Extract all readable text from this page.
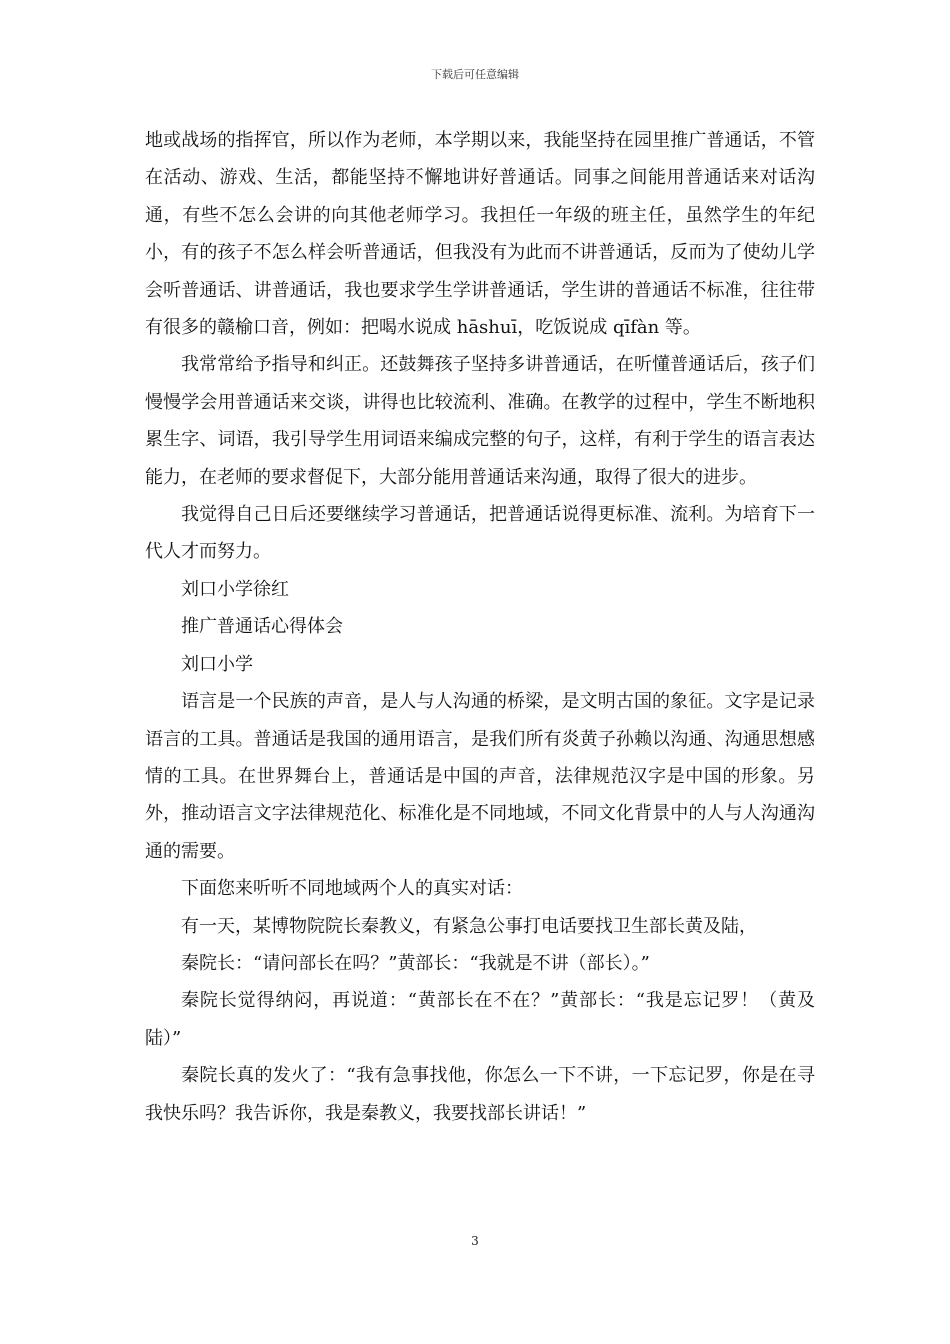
下载后可任意编辑

地或战场的指挥官，所以作为老师，本学期以来，我能坚持在园里推广普通话，不管在活动、游戏、生活，都能坚持不懈地讲好普通话。同事之间能用普通话来对话沟通，有些不怎么会讲的向其他老师学习。我担任一年级的班主任，虽然学生的年纪小，有的孩子不怎么样会听普通话，但我没有为此而不讲普通话，反而为了使幼儿学会听普通话、讲普通话，我也要求学生学讲普通话，学生讲的普通话不标准，往往带有很多的赣榆口音，例如：把喝水说成 hāshuī，吃饭说成 qīfàn 等。

我常常给予指导和纠正。还鼓舞孩子坚持多讲普通话，在听懂普通话后，孩子们慢慢学会用普通话来交谈，讲得也比较流利、准确。在教学的过程中，学生不断地积累生字、词语，我引导学生用词语来编成完整的句子，这样，有利于学生的语言表达能力，在老师的要求督促下，大部分能用普通话来沟通，取得了很大的进步。

我觉得自己日后还要继续学习普通话，把普通话说得更标准、流利。为培育下一代人才而努力。

刘口小学徐红

推广普通话心得体会

刘口小学

语言是一个民族的声音，是人与人沟通的桥梁，是文明古国的象征。文字是记录语言的工具。普通话是我国的通用语言，是我们所有炎黄子孙赖以沟通、沟通思想感情的工具。在世界舞台上，普通话是中国的声音，法律规范汉字是中国的形象。另外，推动语言文字法律规范化、标准化是不同地域，不同文化背景中的人与人沟通沟通的需要。

下面您来听听不同地域两个人的真实对话：

有一天，某博物院院长秦教义，有紧急公事打电话要找卫生部长黄及陆，

秦院长：“请问部长在吗？”黄部长：“我就是不讲（部长）。”

秦院长觉得纳闷，再说道：“黄部长在不在？”黄部长：“我是忘记罗！（黄及陆）”

秦院长真的发火了：“我有急事找他，你怎么一下不讲，一下忘记罗，你是在寻我快乐吗？我告诉你，我是秦教义，我要找部长讲话！”

3
